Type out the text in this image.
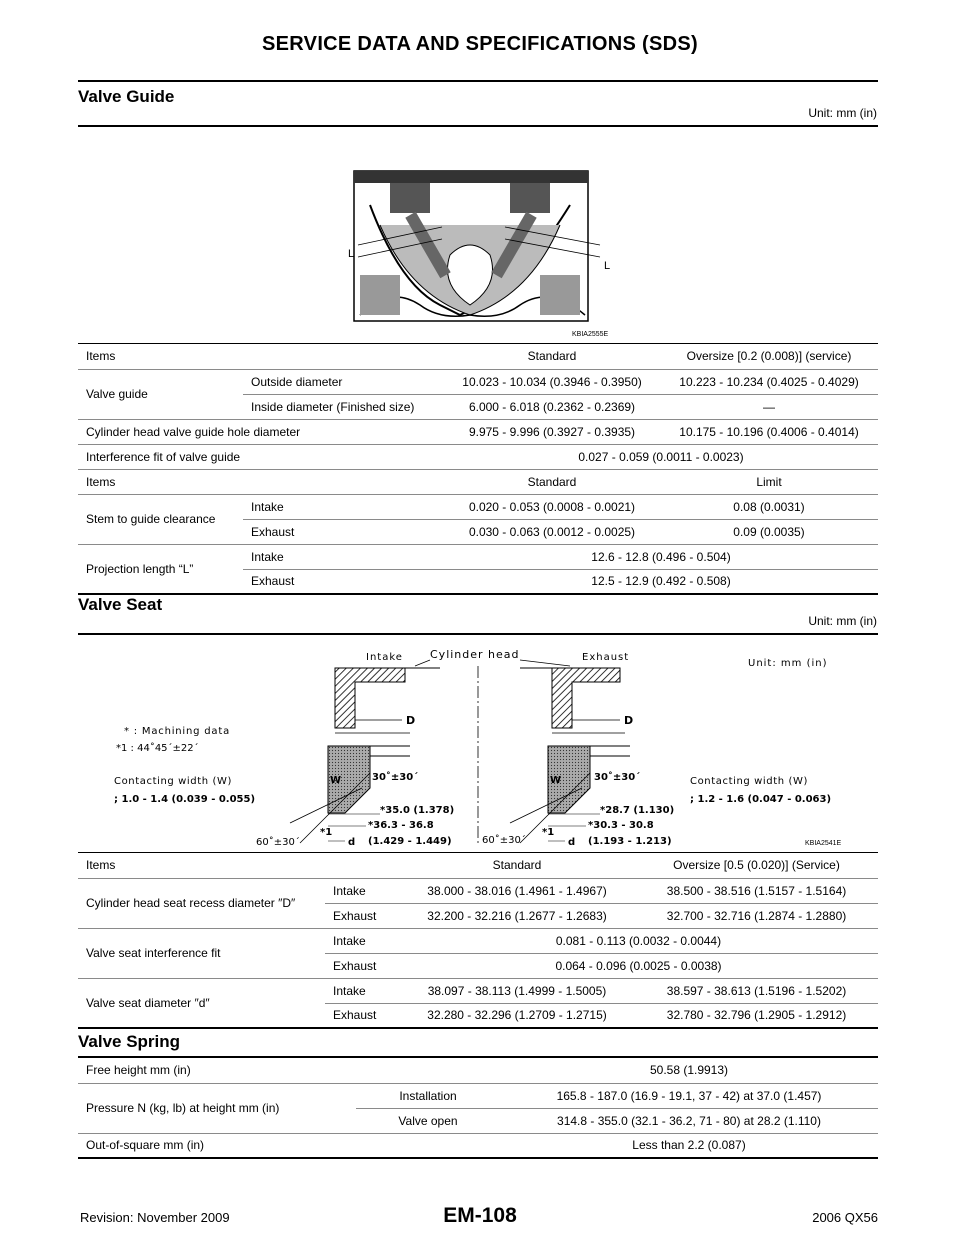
SERVICE DATA AND SPECIFICATIONS (SDS)
Valve Guide
Unit: mm (in)
L
L
KBIA2555E
Items		Standard	Oversize [0.2 (0.008)] (service)
Valve guide	Outside diameter	10.023 - 10.034 (0.3946 - 0.3950)	10.223 - 10.234 (0.4025 - 0.4029)
	Inside diameter (Finished size)	6.000 - 6.018 (0.2362 - 0.2369)	—
Cylinder head valve guide hole diameter		9.975 - 9.996 (0.3927 - 0.3935)	10.175 - 10.196 (0.4006 - 0.4014)
Interference fit of valve guide		0.027 - 0.059 (0.0011 - 0.0023)	
Items		Standard	Limit
Stem to guide clearance	Intake	0.020 - 0.053 (0.0008 - 0.0021)	0.08 (0.0031)
	Exhaust	0.030 - 0.063 (0.0012 - 0.0025)	0.09 (0.0035)
Projection length “L”	Intake	12.6 - 12.8 (0.496 - 0.504)	
	Exhaust	12.5 - 12.9 (0.492 - 0.508)	
Valve Seat
Unit: mm (in)
Intake Cylinder head	Exhaust
Unit: mm (in)
D
W	30˚±30´
*35.0 (1.378)
*36.3 - 36.8
(1.429 - 1.449)
*1
d
60˚±30´
D
W	30˚±30´
*28.7 (1.130)
*30.3 - 30.8
(1.193 - 1.213)
*1
d
60˚±30´
* : Machining data
*1 : 44˚45´±22´
Contacting width (W)
; 1.0 - 1.4 (0.039 - 0.055)
Contacting width (W)
; 1.2 - 1.6 (0.047 - 0.063)
KBIA2541E
Items		Standard	Oversize [0.5 (0.020)] (Service)
Cylinder head seat recess diameter ″D″	Intake	38.000 - 38.016 (1.4961 - 1.4967)	38.500 - 38.516 (1.5157 - 1.5164)
	Exhaust	32.200 - 32.216 (1.2677 - 1.2683)	32.700 - 32.716 (1.2874 - 1.2880)
Valve seat interference fit	Intake	0.081 - 0.113 (0.0032 - 0.0044)	
	Exhaust	0.064 - 0.096 (0.0025 - 0.0038)	
Valve seat diameter ″d″	Intake	38.097 - 38.113 (1.4999 - 1.5005)	38.597 - 38.613 (1.5196 - 1.5202)
	Exhaust	32.280 - 32.296 (1.2709 - 1.2715)	32.780 - 32.796 (1.2905 - 1.2912)
Valve Spring
Free height mm (in)		50.58 (1.9913)
Pressure N (kg, lb) at height mm (in)	Installation	165.8 - 187.0 (16.9 - 19.1, 37 - 42) at 37.0 (1.457)
	Valve open	314.8 - 355.0 (32.1 - 36.2, 71 - 80) at 28.2 (1.110)
Out-of-square mm (in)		Less than 2.2 (0.087)
Revision: November 2009	EM-108	2006 QX56
